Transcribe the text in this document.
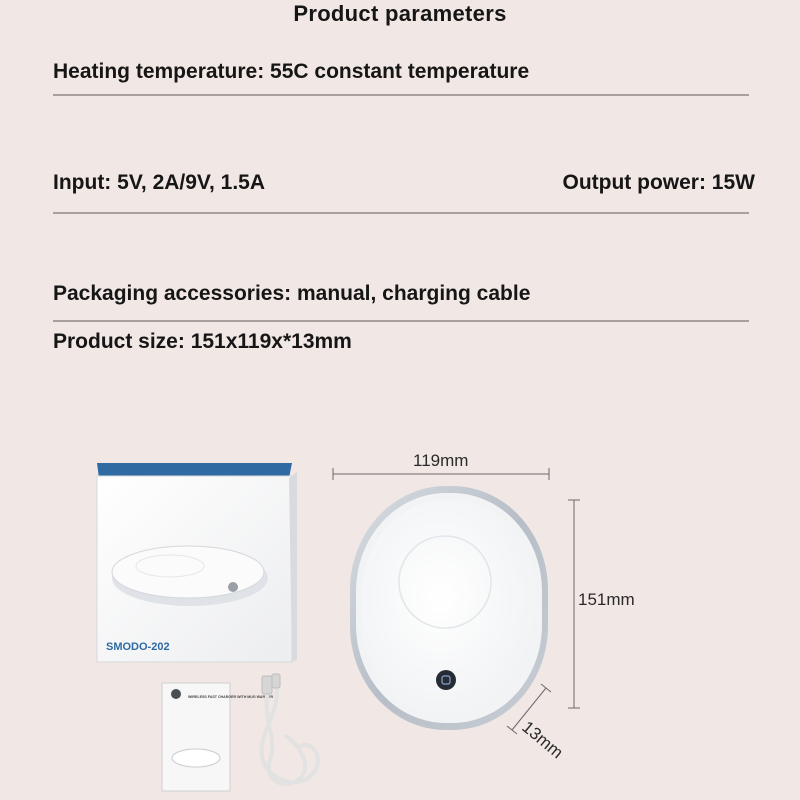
Product parameters
Heating temperature: 55C constant temperature
Input: 5V, 2A/9V, 1.5A	Output power: 15W
Packaging accessories: manual, charging cable
Product size: 151x119x*13mm
SMODO-202
WIRELESS FAST CHARGER WITH MUG WARMER
13mm
119mm
151mm
